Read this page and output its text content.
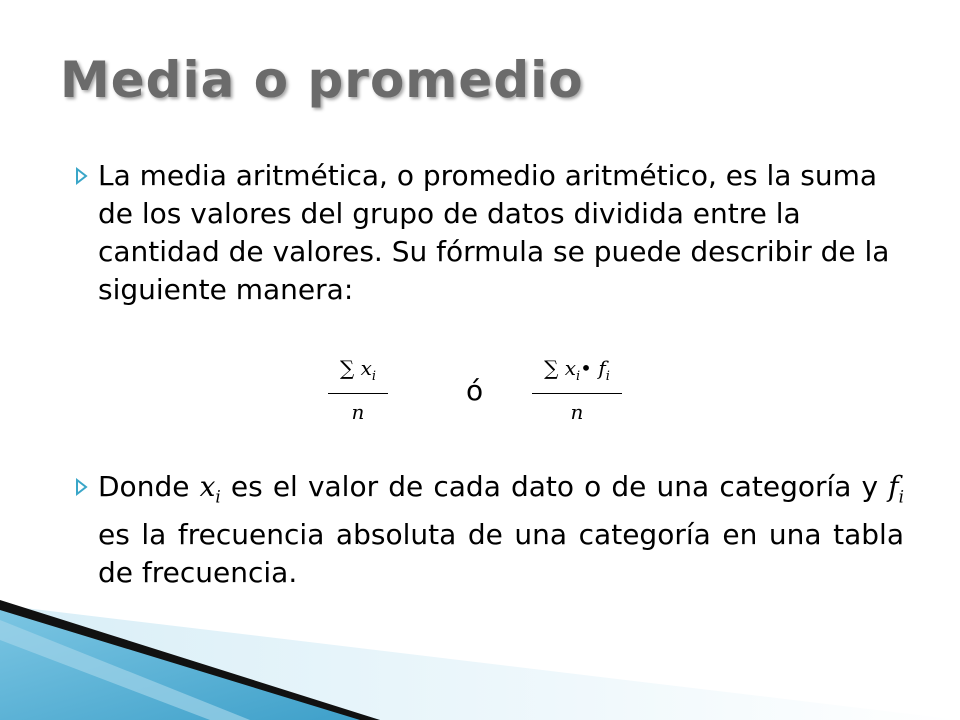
Media o promedio
La media aritmética, o promedio aritmético, es la suma de los valores del grupo de datos dividida entre la cantidad de valores. Su fórmula se puede describir de la siguiente manera:
$\frac{\sum x_i}{n}$	ó $\frac{\sum x_i• f_i}{n}$
Donde $x_i$ es el valor de cada dato o de una categoría y $f_i$ es la frecuencia absoluta de una categoría en una tabla de frecuencia.
